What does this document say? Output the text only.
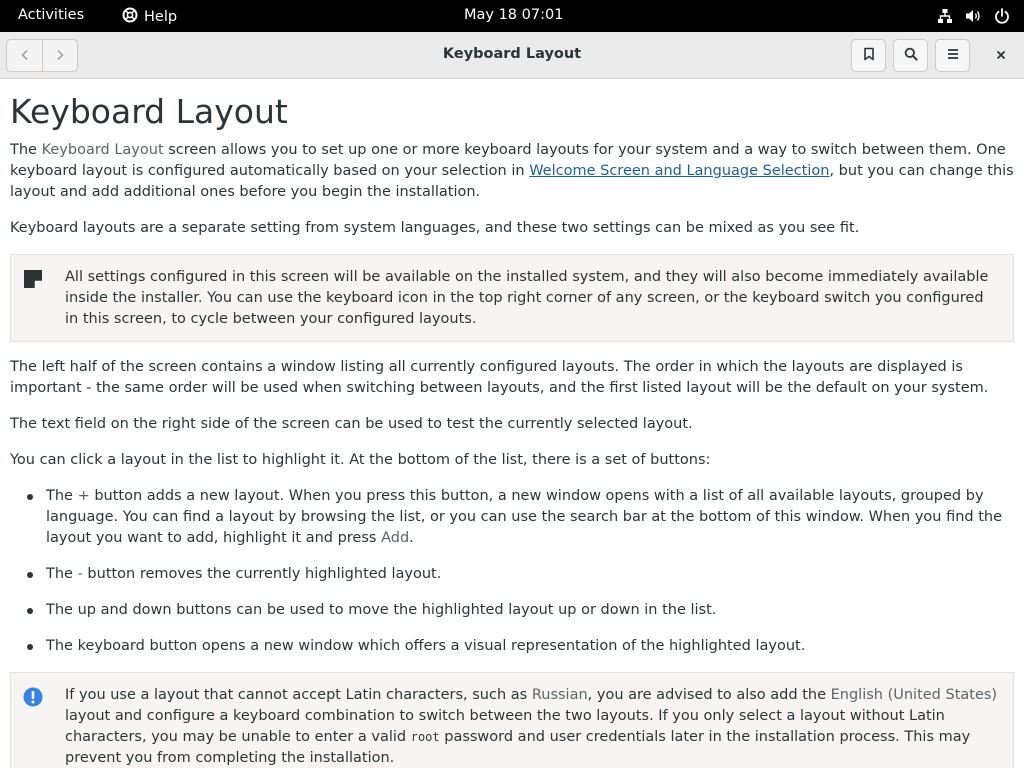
Activities	Help	May 18 07:01
Keyboard Layout
Keyboard Layout

The Keyboard Layout screen allows you to set up one or more keyboard layouts for your system and a way to switch between them. One keyboard layout is configured automatically based on your selection in Welcome Screen and Language Selection, but you can change this layout and add additional ones before you begin the installation.

Keyboard layouts are a separate setting from system languages, and these two settings can be mixed as you see fit.

All settings configured in this screen will be available on the installed system, and they will also become immediately available inside the installer. You can use the keyboard icon in the top right corner of any screen, or the keyboard switch you configured in this screen, to cycle between your configured layouts.

The left half of the screen contains a window listing all currently configured layouts. The order in which the layouts are displayed is important - the same order will be used when switching between layouts, and the first listed layout will be the default on your system.

The text field on the right side of the screen can be used to test the currently selected layout.

You can click a layout in the list to highlight it. At the bottom of the list, there is a set of buttons:

The + button adds a new layout. When you press this button, a new window opens with a list of all available layouts, grouped by language. You can find a layout by browsing the list, or you can use the search bar at the bottom of this window. When you find the layout you want to add, highlight it and press Add.
The - button removes the currently highlighted layout.
The up and down buttons can be used to move the highlighted layout up or down in the list.
The keyboard button opens a new window which offers a visual representation of the highlighted layout.
If you use a layout that cannot accept Latin characters, such as Russian, you are advised to also add the English (United States) layout and configure a keyboard combination to switch between the two layouts. If you only select a layout without Latin characters, you may be unable to enter a valid root password and user credentials later in the installation process. This may prevent you from completing the installation.
